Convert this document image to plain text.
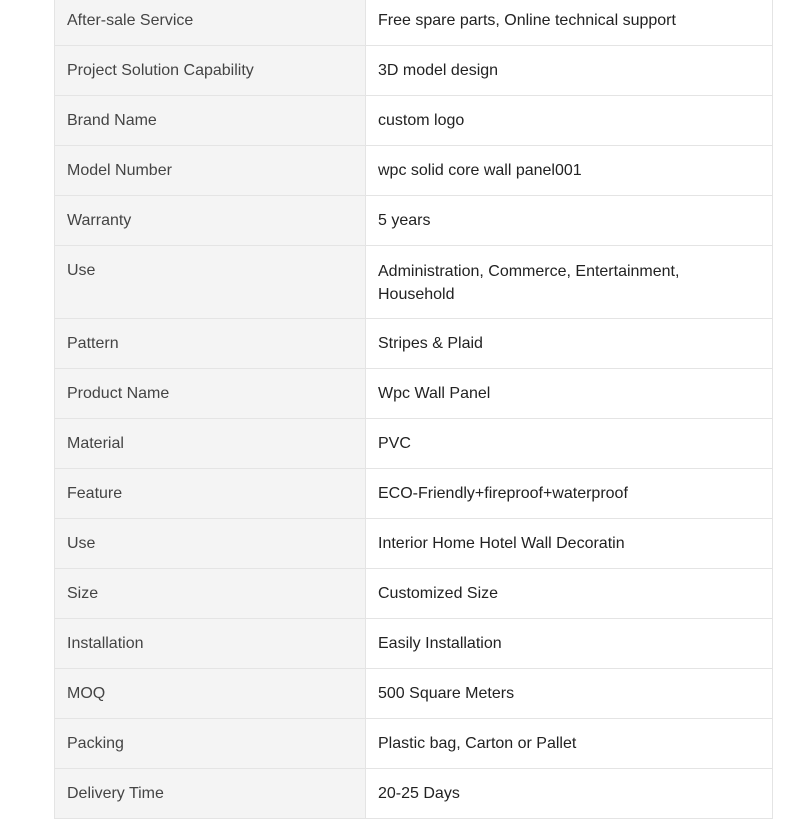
After-sale Service	Free spare parts, Online technical support
Project Solution Capability	3D model design
Brand Name	custom logo
Model Number	wpc solid core wall panel001
Warranty	5 years
Use	Administration, Commerce, Entertainment, Household
Pattern	Stripes & Plaid
Product Name	Wpc Wall Panel
Material	PVC
Feature	ECO-Friendly+fireproof+waterproof
Use	Interior Home Hotel Wall Decoratin
Size	Customized Size
Installation	Easily Installation
MOQ	500 Square Meters
Packing	Plastic bag, Carton or Pallet
Delivery Time	20-25 Days
